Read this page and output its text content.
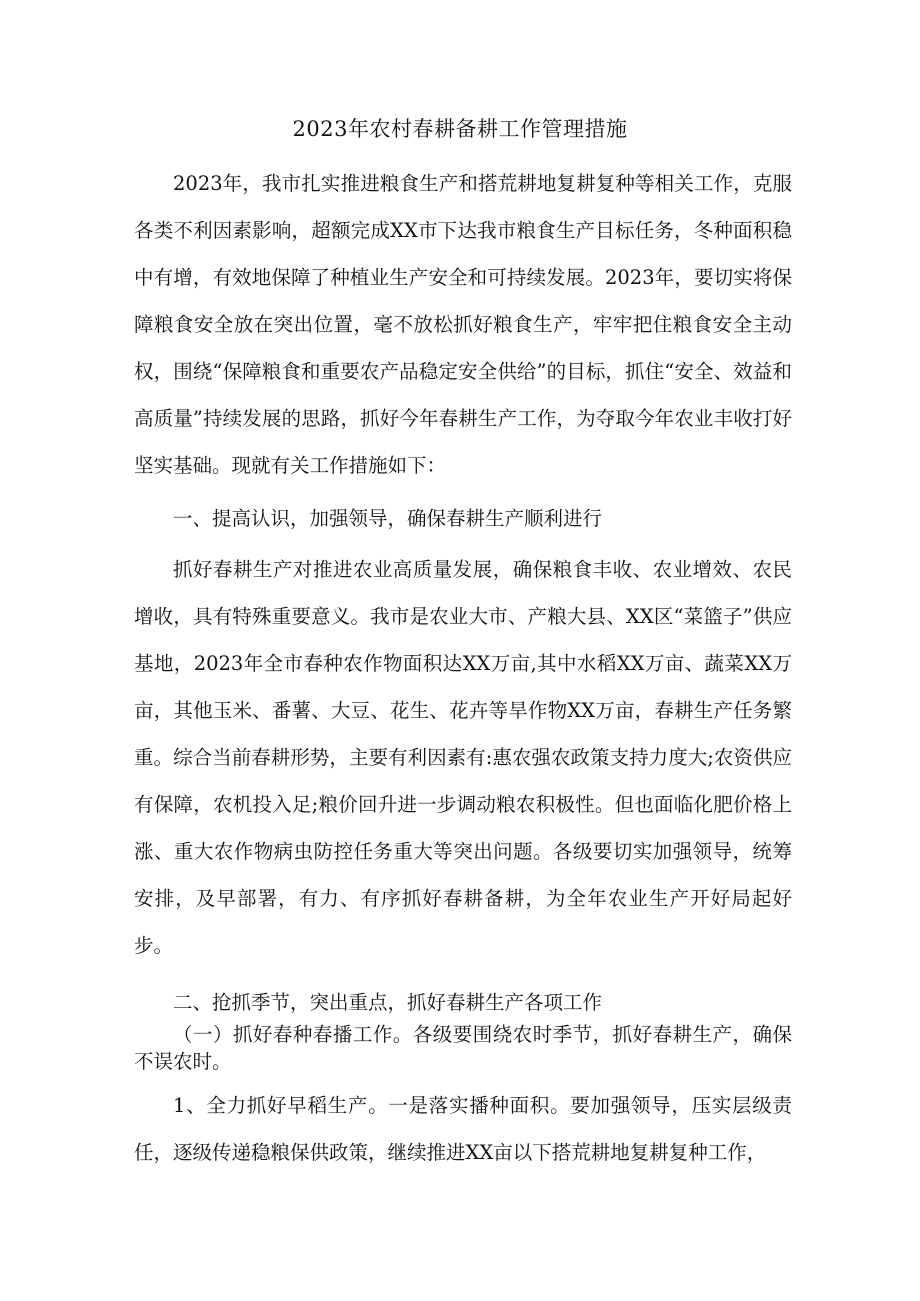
2023年农村春耕备耕工作管理措施

2023年，我市扎实推进粮食生产和搭荒耕地复耕复种等相关工作，克服各类不利因素影响，超额完成XX市下达我市粮食生产目标任务，冬种面积稳中有增，有效地保障了种植业生产安全和可持续发展。2023年，要切实将保障粮食安全放在突出位置，毫不放松抓好粮食生产，牢牢把住粮食安全主动权，围绕“保障粮食和重要农产品稳定安全供给”的目标，抓住“安全、效益和高质量”持续发展的思路，抓好今年春耕生产工作，为夺取今年农业丰收打好坚实基础。现就有关工作措施如下：

一、提高认识，加强领导，确保春耕生产顺利进行

抓好春耕生产对推进农业高质量发展，确保粮食丰收、农业增效、农民增收，具有特殊重要意义。我市是农业大市、产粮大县、XX区“菜篮子”供应基地，2023年全市春种农作物面积达XX万亩,其中水稻XX万亩、蔬菜XX万亩，其他玉米、番薯、大豆、花生、花卉等旱作物XX万亩，春耕生产任务繁重。综合当前春耕形势，主要有利因素有:惠农强农政策支持力度大;农资供应有保障，农机投入足;粮价回升进一步调动粮农积极性。但也面临化肥价格上涨、重大农作物病虫防控任务重大等突出问题。各级要切实加强领导，统筹安排，及早部署，有力、有序抓好春耕备耕，为全年农业生产开好局起好步。

二、抢抓季节，突出重点，抓好春耕生产各项工作

（一）抓好春种春播工作。各级要围绕农时季节，抓好春耕生产，确保不误农时。

1、全力抓好早稻生产。一是落实播种面积。要加强领导，压实层级责任，逐级传递稳粮保供政策，继续推进XX亩以下搭荒耕地复耕复种工作，
